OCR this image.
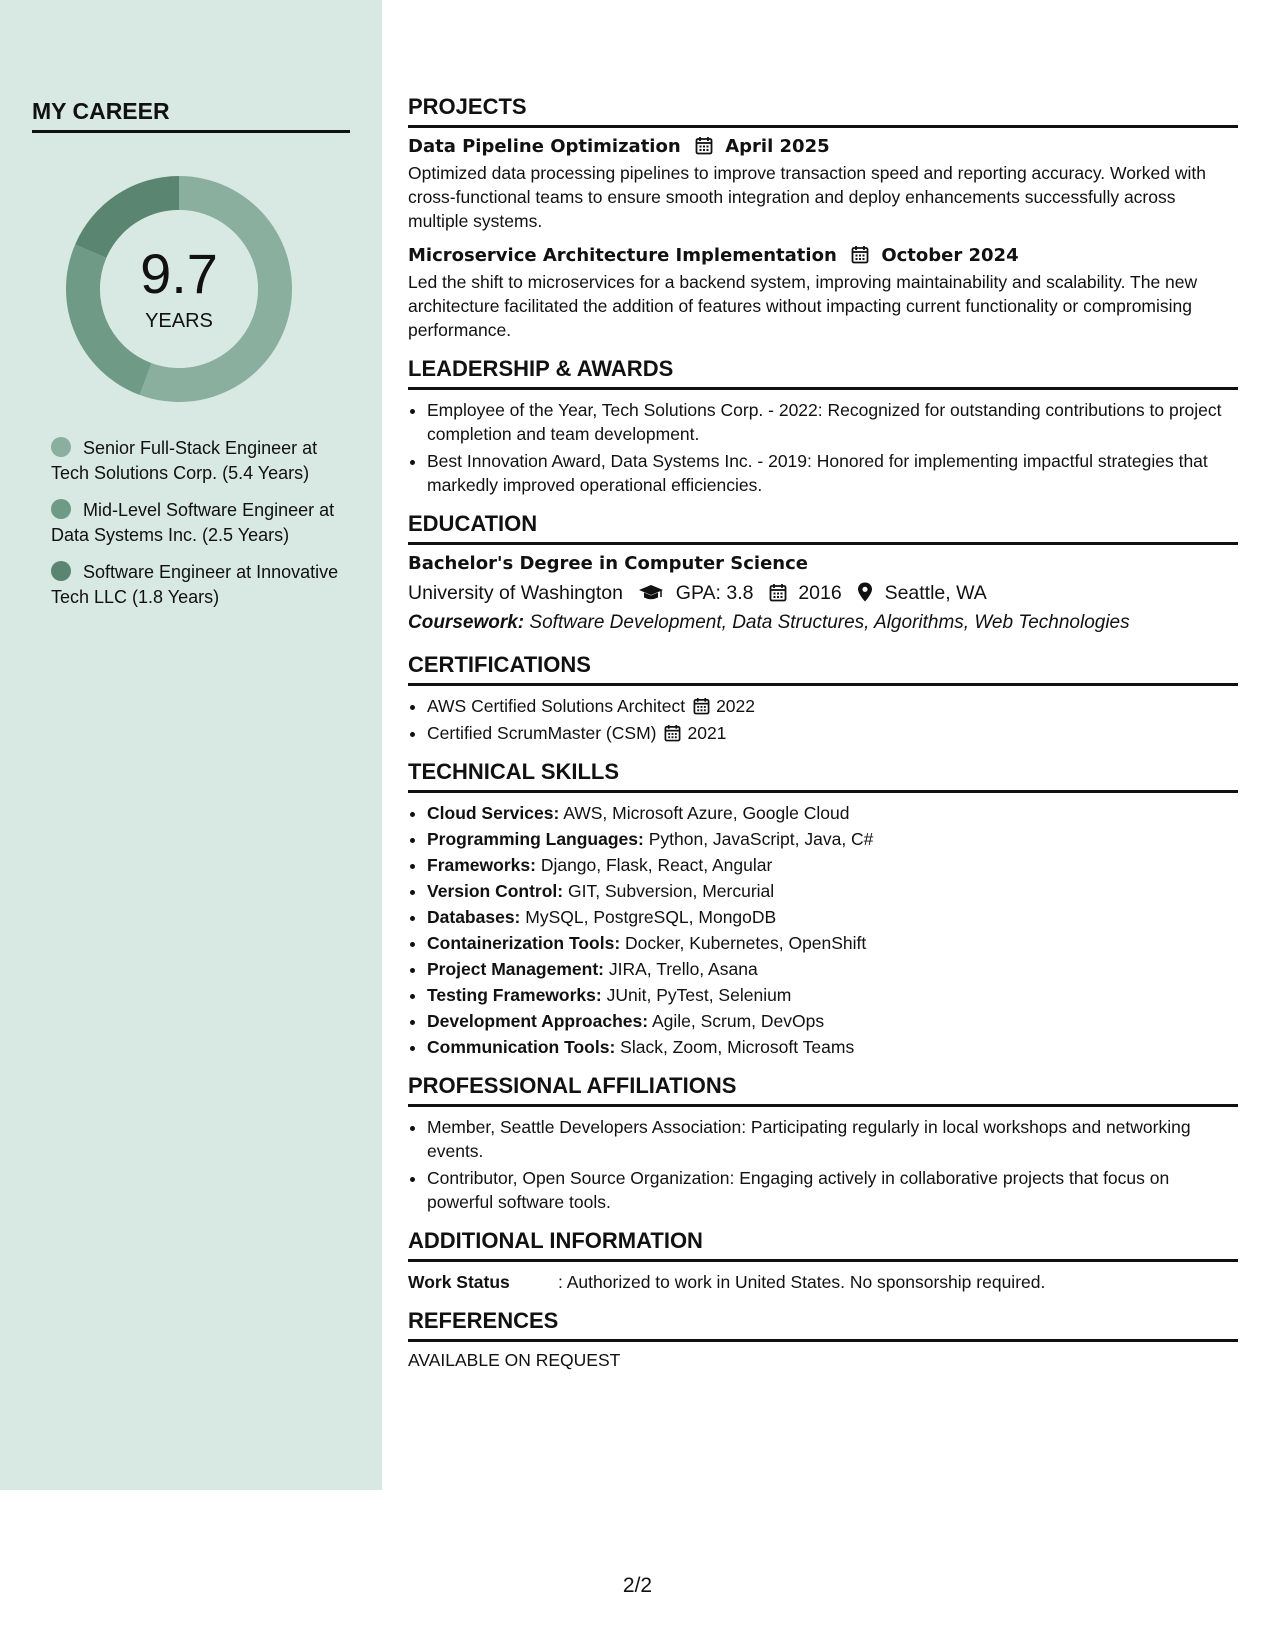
MY CAREER
9.7
YEARS
Senior Full-Stack Engineer at Tech Solutions Corp. (5.4 Years)
Mid-Level Software Engineer at Data Systems Inc. (2.5 Years)
Software Engineer at Innovative Tech LLC (1.8 Years)
PROJECTS
Data Pipeline Optimization April 2025

Optimized data processing pipelines to improve transaction speed and reporting accuracy. Worked with cross-functional teams to ensure smooth integration and deploy enhancements successfully across multiple systems.

Microservice Architecture Implementation October 2024

Led the shift to microservices for a backend system, improving maintainability and scalability. The new architecture facilitated the addition of features without impacting current functionality or compromising performance.

LEADERSHIP & AWARDS
• Employee of the Year, Tech Solutions Corp. - 2022: Recognized for outstanding contributions to project completion and team development.
• Best Innovation Award, Data Systems Inc. - 2019: Honored for implementing impactful strategies that markedly improved operational efficiencies.
EDUCATION
Bachelor's Degree in Computer Science
University of Washington	GPA: 3.8 2016 Seattle, WA
Coursework: Software Development, Data Structures, Algorithms, Web Technologies
CERTIFICATIONS
• AWS Certified Solutions Architect 2022
• Certified ScrumMaster (CSM) 2021
TECHNICAL SKILLS
• Cloud Services: AWS, Microsoft Azure, Google Cloud
• Programming Languages: Python, JavaScript, Java, C#
• Frameworks: Django, Flask, React, Angular
• Version Control: GIT, Subversion, Mercurial
• Databases: MySQL, PostgreSQL, MongoDB
• Containerization Tools: Docker, Kubernetes, OpenShift
• Project Management: JIRA, Trello, Asana
• Testing Frameworks: JUnit, PyTest, Selenium
• Development Approaches: Agile, Scrum, DevOps
• Communication Tools: Slack, Zoom, Microsoft Teams
PROFESSIONAL AFFILIATIONS
• Member, Seattle Developers Association: Participating regularly in local workshops and networking events.
• Contributor, Open Source Organization: Engaging actively in collaborative projects that focus on powerful software tools.
ADDITIONAL INFORMATION
Work Status	: Authorized to work in United States. No sponsorship required.
REFERENCES
AVAILABLE ON REQUEST
2/2
